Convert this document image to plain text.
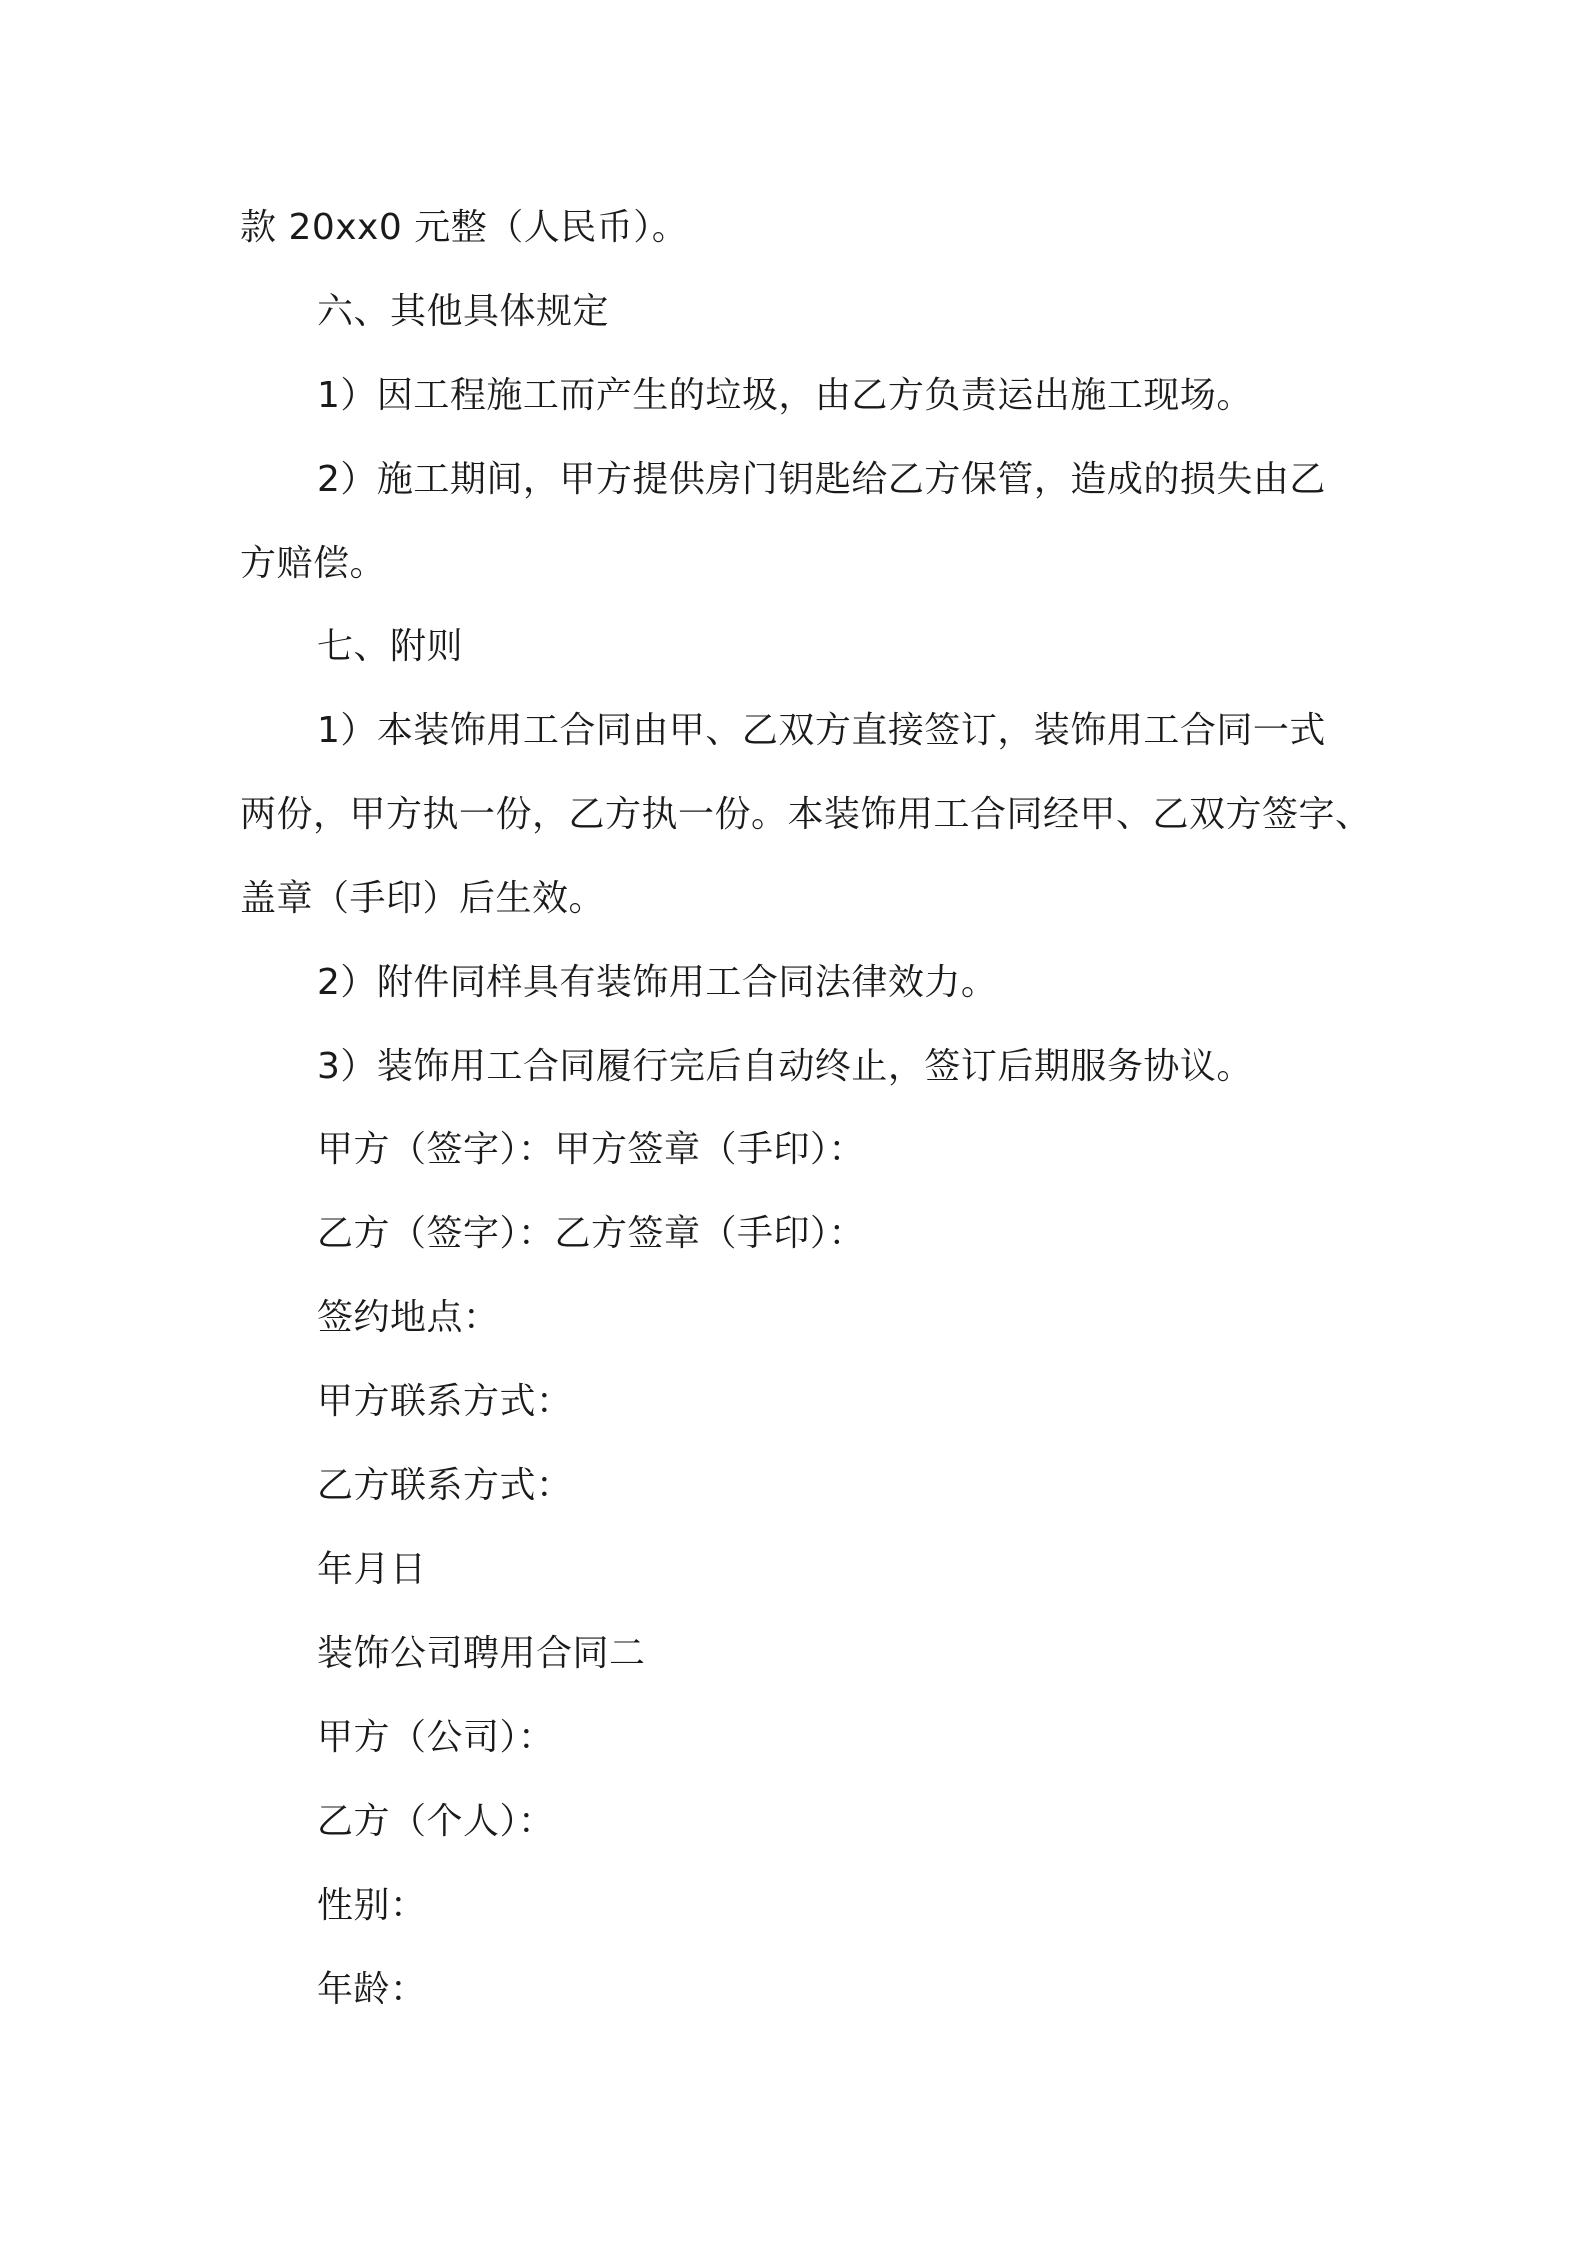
款 20xx0 元整（人民币）。
六、其他具体规定
1）因工程施工而产生的垃圾，由乙方负责运出施工现场。
2）施工期间，甲方提供房门钥匙给乙方保管，造成的损失由乙
方赔偿。
七、附则
1）本装饰用工合同由甲、乙双方直接签订，装饰用工合同一式
两份，甲方执一份，乙方执一份。本装饰用工合同经甲、乙双方签字、
盖章（手印）后生效。
2）附件同样具有装饰用工合同法律效力。
3）装饰用工合同履行完后自动终止，签订后期服务协议。
甲方（签字）：甲方签章（手印）：
乙方（签字）：乙方签章（手印）：
签约地点：
甲方联系方式：
乙方联系方式：
年月日
装饰公司聘用合同二
甲方（公司）：
乙方（个人）：
性别：
年龄：
